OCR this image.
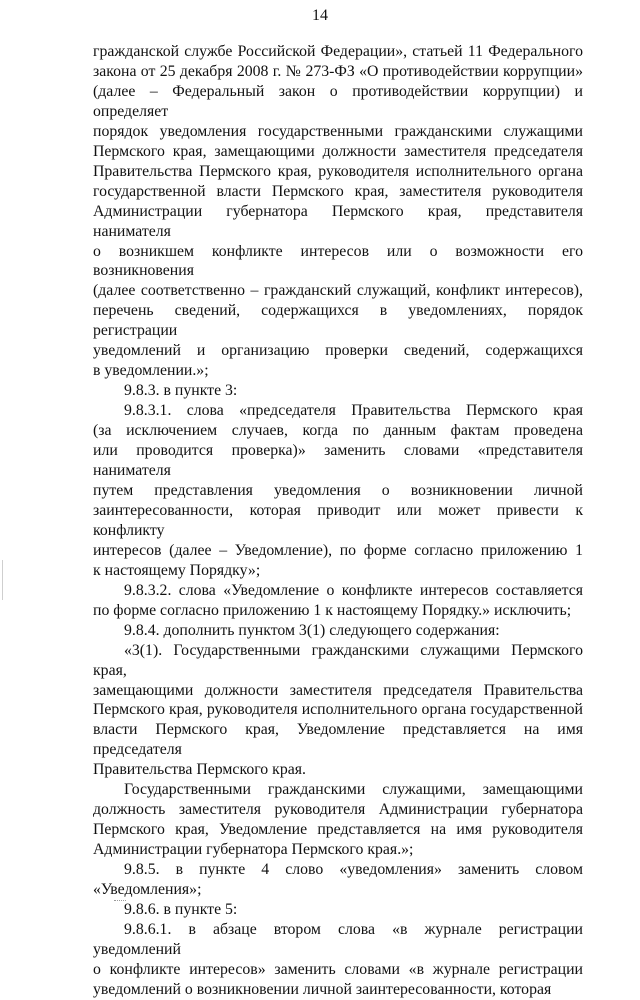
14
гражданской службе Российской Федерации», статьей 11 Федерального
закона от 25 декабря 2008 г. № 273-ФЗ «О противодействии коррупции»
(далее – Федеральный закон о противодействии коррупции) и определяет
порядок уведомления государственными гражданскими служащими
Пермского края, замещающими должности заместителя председателя
Правительства Пермского края, руководителя исполнительного органа
государственной власти Пермского края, заместителя руководителя
Администрации губернатора Пермского края, представителя нанимателя
о возникшем конфликте интересов или о возможности его возникновения
(далее соответственно – гражданский служащий, конфликт интересов),
перечень сведений, содержащихся в уведомлениях, порядок регистрации
уведомлений и организацию проверки сведений, содержащихся
в уведомлении.»;
9.8.3. в пункте 3:
9.8.3.1. слова «председателя Правительства Пермского края
(за исключением случаев, когда по данным фактам проведена
или проводится проверка)» заменить словами «представителя нанимателя
путем представления уведомления о возникновении личной
заинтересованности, которая приводит или может привести к конфликту
интересов (далее – Уведомление), по форме согласно приложению 1
к настоящему Порядку»;
9.8.3.2. слова «Уведомление о конфликте интересов составляется
по форме согласно приложению 1 к настоящему Порядку.» исключить;
9.8.4. дополнить пунктом 3(1) следующего содержания:
«3(1). Государственными гражданскими служащими Пермского края,
замещающими должности заместителя председателя Правительства
Пермского края, руководителя исполнительного органа государственной
власти Пермского края, Уведомление представляется на имя председателя
Правительства Пермского края.
Государственными гражданскими служащими, замещающими
должность заместителя руководителя Администрации губернатора
Пермского края, Уведомление представляется на имя руководителя
Администрации губернатора Пермского края.»;
9.8.5. в пункте 4 слово «уведомления» заменить словом
«Уведомления»;
9.8.6. в пункте 5:
9.8.6.1. в абзаце втором слова «в журнале регистрации уведомлений
о конфликте интересов» заменить словами «в журнале регистрации
уведомлений о возникновении личной заинтересованности, которая
